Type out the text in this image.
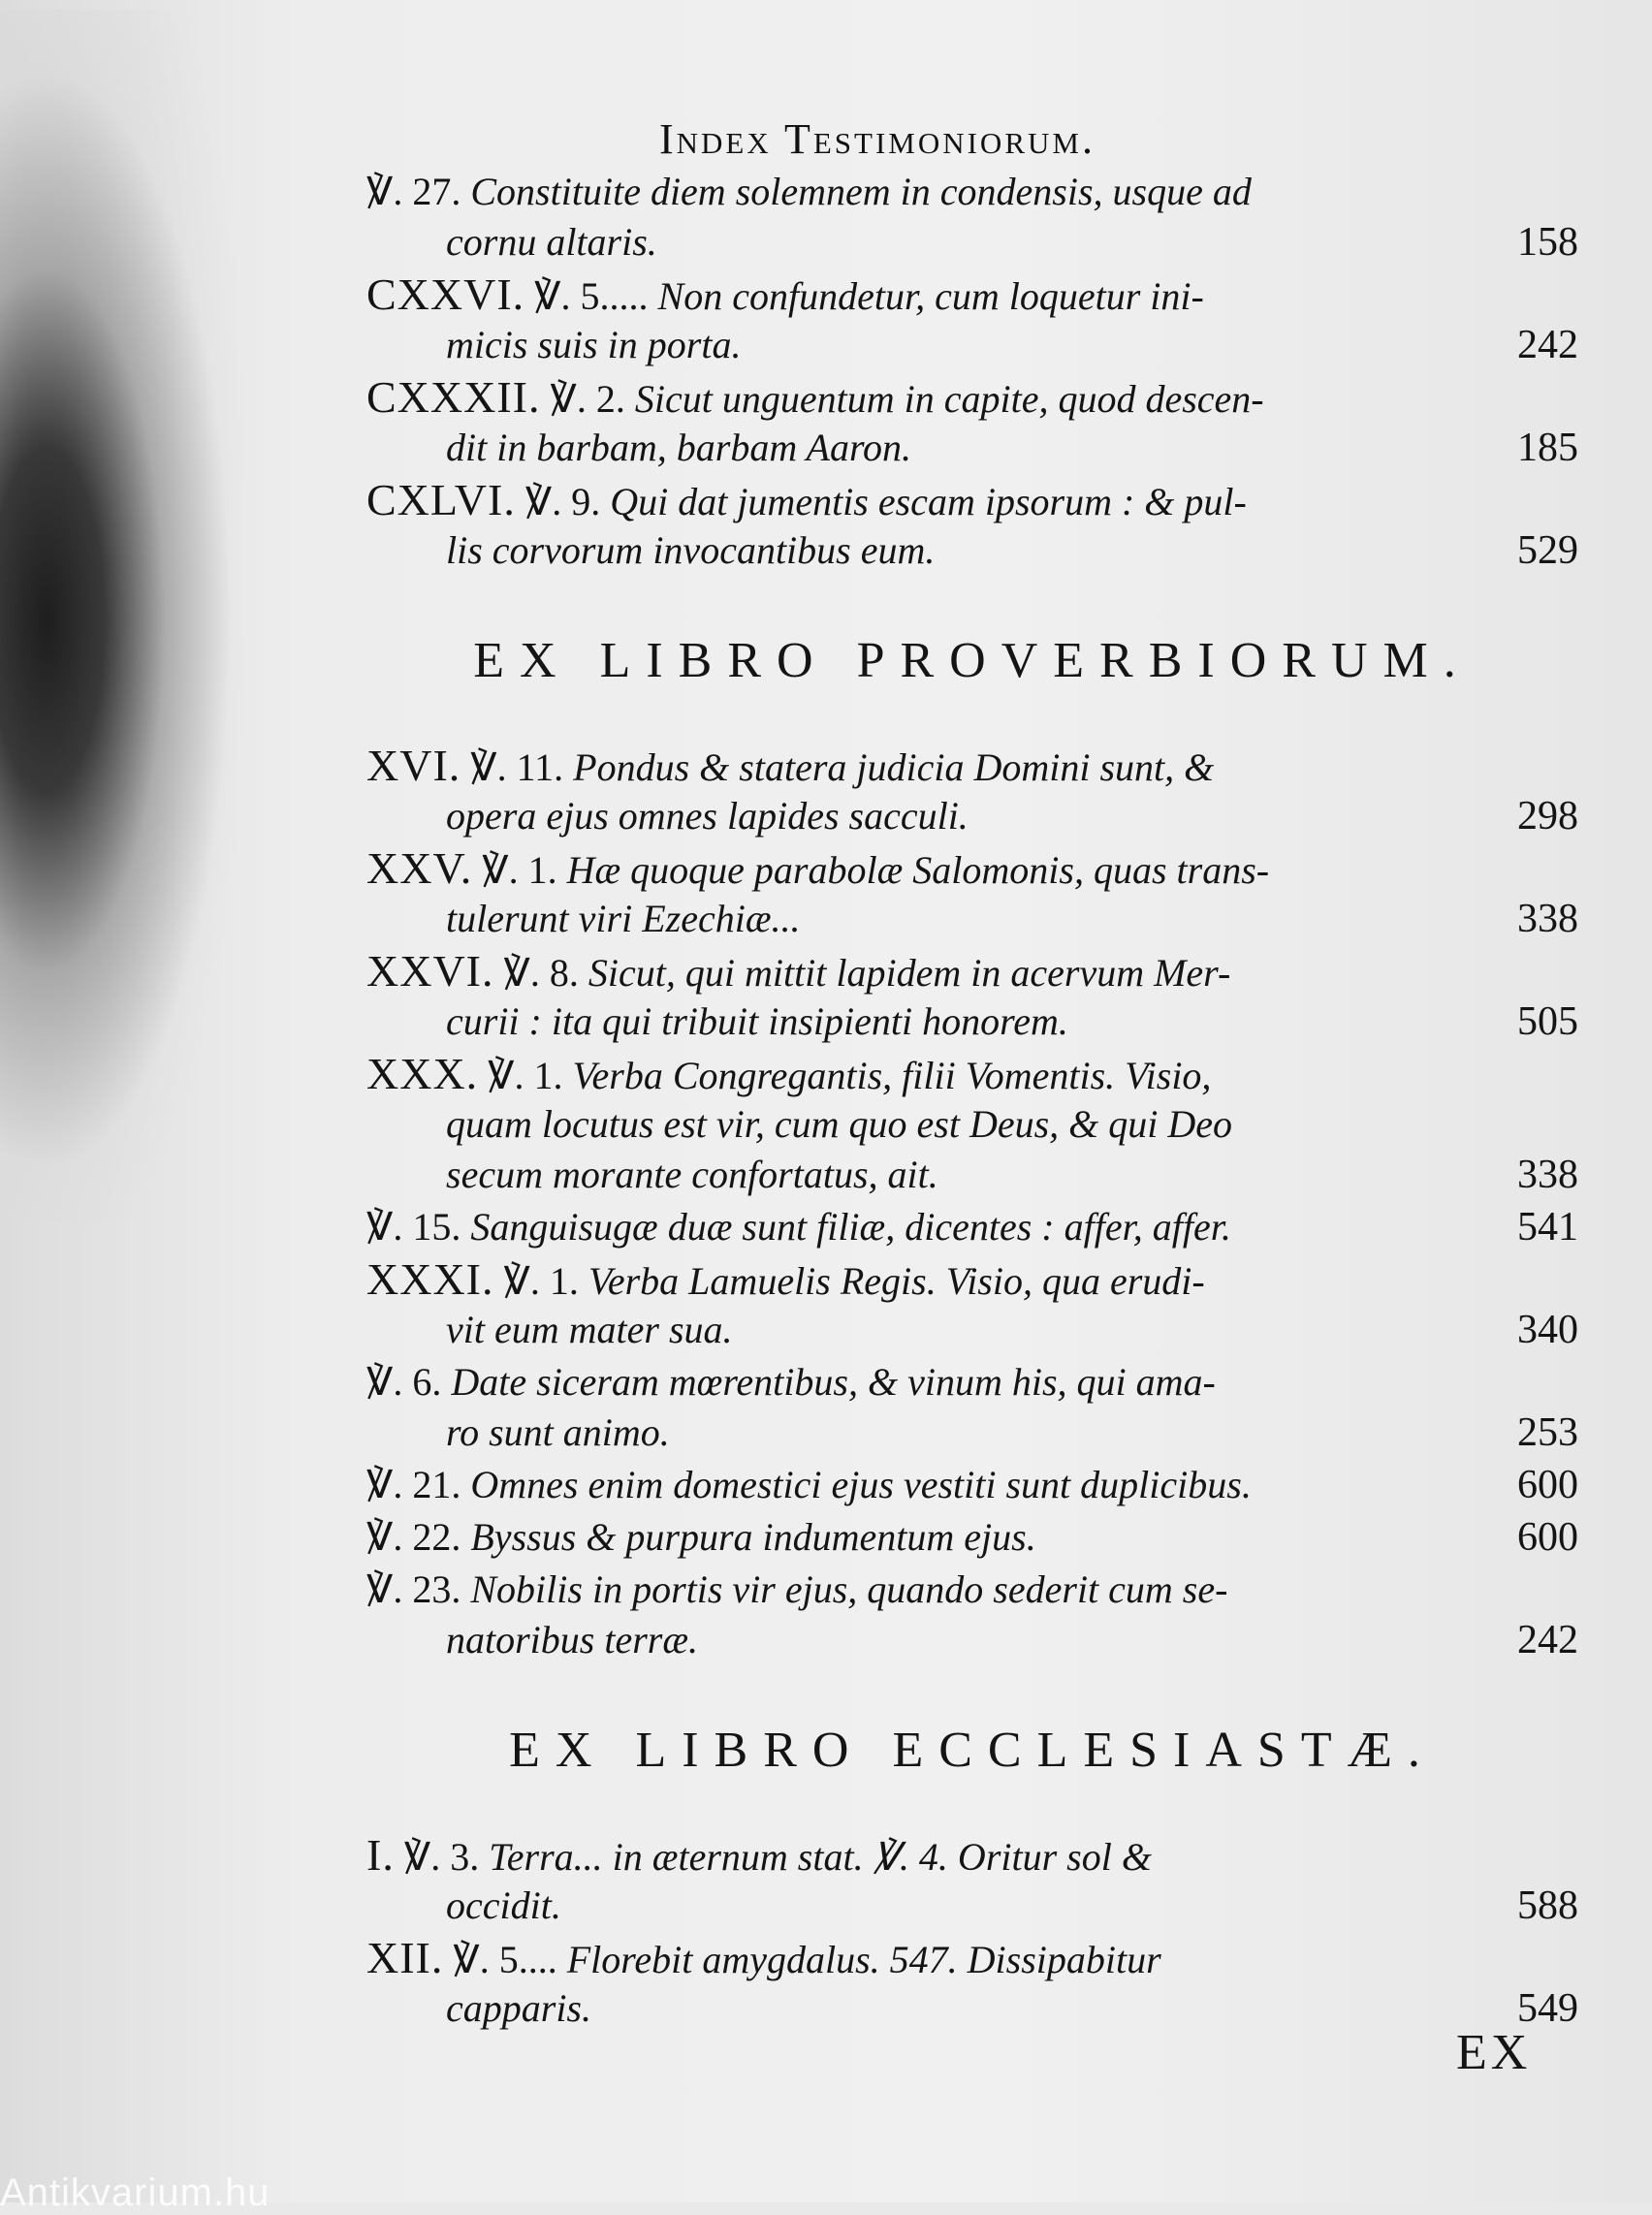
Index Testimoniorum.
℣. 27. Constituite diem solemnem in condensis, usque ad
cornu altaris.	158
CXXVI. ℣. 5..... Non confundetur, cum loquetur ini-
micis suis in porta.	242
CXXXII. ℣. 2. Sicut unguentum in capite, quod descen-
dit in barbam, barbam Aaron.	185
CXLVI. ℣. 9. Qui dat jumentis escam ipsorum : & pul-
lis corvorum invocantibus eum.	529
EX LIBRO PROVERBIORUM.
XVI. ℣. 11. Pondus & statera judicia Domini sunt, &
opera ejus omnes lapides sacculi.	298
XXV. ℣. 1. Hæ quoque parabolæ Salomonis, quas trans-
tulerunt viri Ezechiæ...	338
XXVI. ℣. 8. Sicut, qui mittit lapidem in acervum Mer-
curii : ita qui tribuit insipienti honorem.	505
XXX. ℣. 1. Verba Congregantis, filii Vomentis. Visio,
quam locutus est vir, cum quo est Deus, & qui Deo
secum morante confortatus, ait.	338
℣. 15. Sanguisugæ duæ sunt filiæ, dicentes : affer, affer.	541
XXXI. ℣. 1. Verba Lamuelis Regis. Visio, qua erudi-
vit eum mater sua.	340
℣. 6. Date siceram mœrentibus, & vinum his, qui ama-
ro sunt animo.	253
℣. 21. Omnes enim domestici ejus vestiti sunt duplicibus.	600
℣. 22. Byssus & purpura indumentum ejus.	600
℣. 23. Nobilis in portis vir ejus, quando sederit cum se-
natoribus terræ.	242
EX LIBRO ECCLESIASTÆ.
I. ℣. 3. Terra... in æternum stat. ℣. 4. Oritur sol &
occidit.	588
XII. ℣. 5.... Florebit amygdalus. 547. Dissipabitur
capparis.	549
EX
Antikvarium.hu
